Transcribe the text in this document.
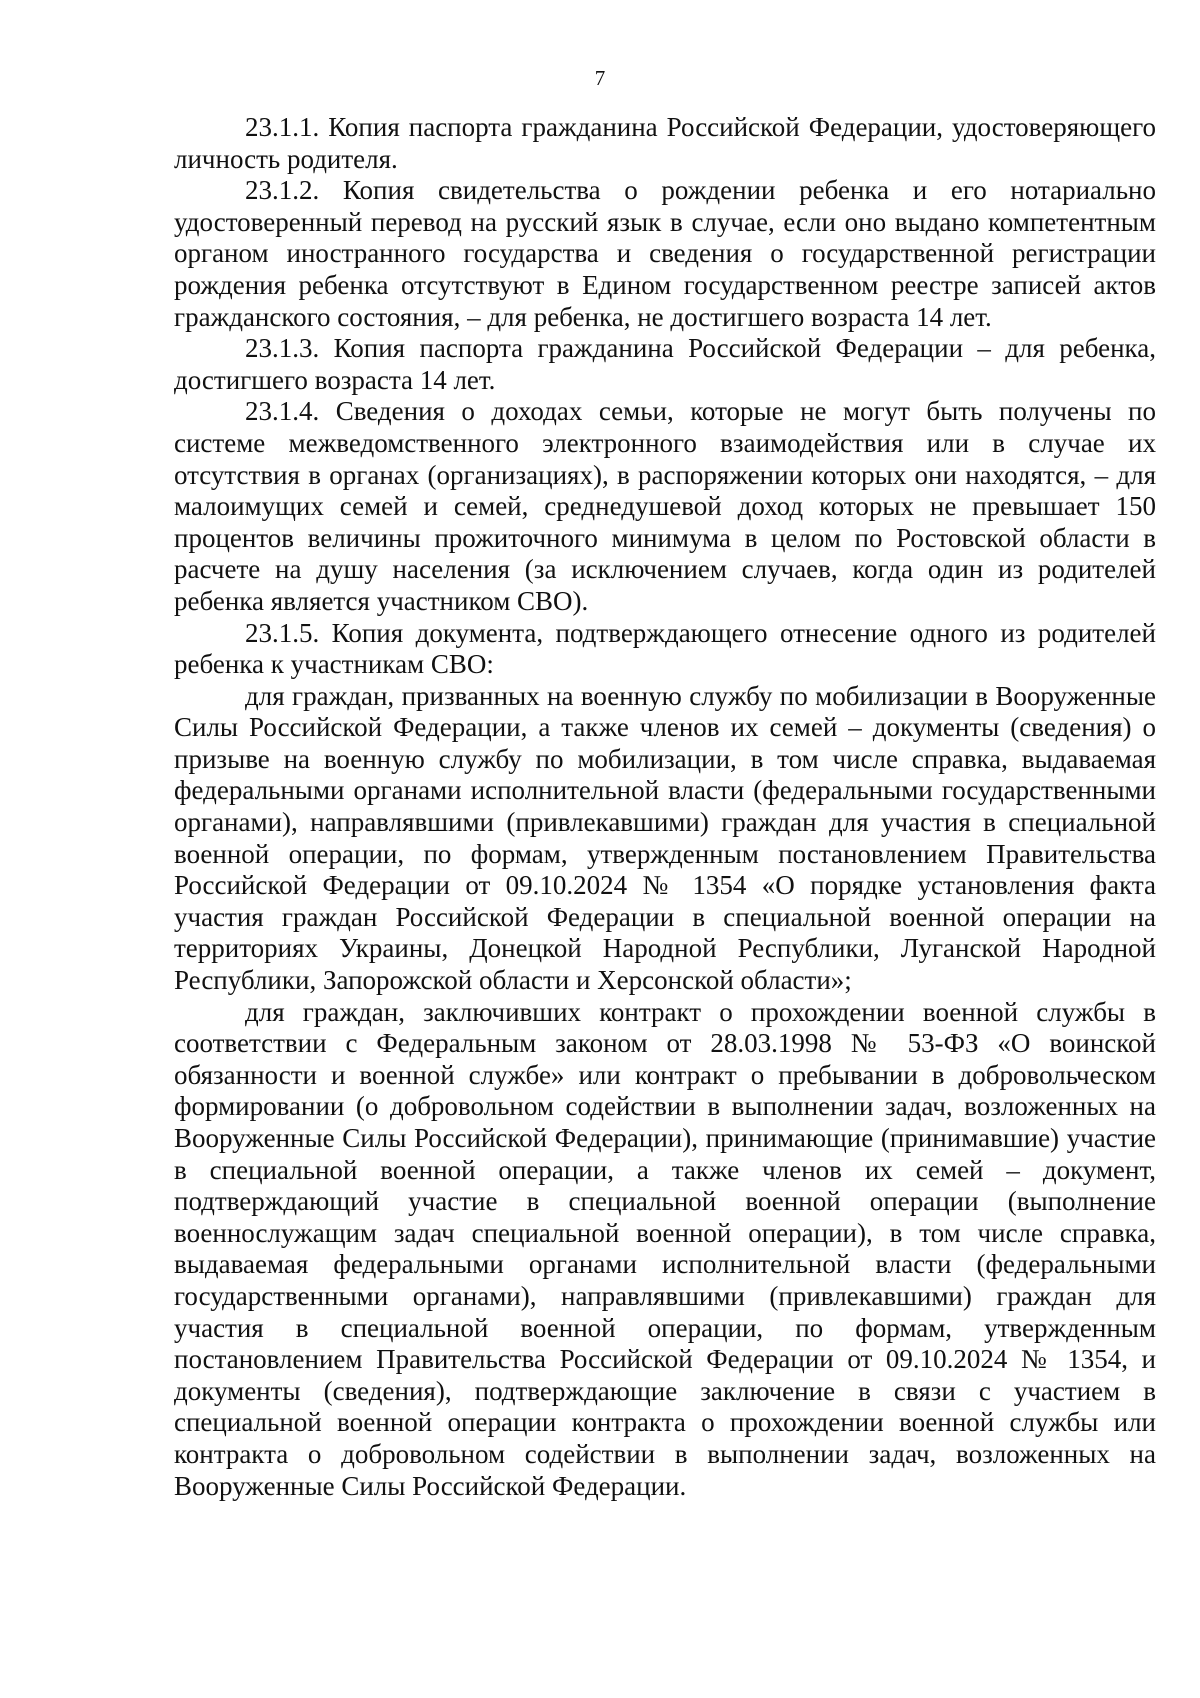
7

23.1.1. Копия паспорта гражданина Российской Федерации, удостоверяющего личность родителя.

23.1.2. Копия свидетельства о рождении ребенка и его нотариально удостоверенный перевод на русский язык в случае, если оно выдано компетентным органом иностранного государства и сведения о государственной регистрации рождения ребенка отсутствуют в Едином государственном реестре записей актов гражданского состояния, – для ребенка, не достигшего возраста 14 лет.

23.1.3. Копия паспорта гражданина Российской Федерации – для ребенка, достигшего возраста 14 лет.

23.1.4. Сведения о доходах семьи, которые не могут быть получены по системе межведомственного электронного взаимодействия или в случае их отсутствия в органах (организациях), в распоряжении которых они находятся, – для малоимущих семей и семей, среднедушевой доход которых не превышает 150 процентов величины прожиточного минимума в целом по Ростовской области в расчете на душу населения (за исключением случаев, когда один из родителей ребенка является участником СВО).

23.1.5. Копия документа, подтверждающего отнесение одного из родителей ребенка к участникам СВО:

для граждан, призванных на военную службу по мобилизации в Вооруженные Силы Российской Федерации, а также членов их семей – документы (сведения) о призыве на военную службу по мобилизации, в том числе справка, выдаваемая федеральными органами исполнительной власти (федеральными государственными органами), направлявшими (привлекавшими) граждан для участия в специальной военной операции, по формам, утвержденным постановлением Правительства Российской Федерации от 09.10.2024 № 1354 «О порядке установления факта участия граждан Российской Федерации в специальной военной операции на территориях Украины, Донецкой Народной Республики, Луганской Народной Республики, Запорожской области и Херсонской области»;

для граждан, заключивших контракт о прохождении военной службы в соответствии с Федеральным законом от 28.03.1998 № 53-ФЗ «О воинской обязанности и военной службе» или контракт о пребывании в добровольческом формировании (о добровольном содействии в выполнении задач, возложенных на Вооруженные Силы Российской Федерации), принимающие (принимавшие) участие в специальной военной операции, а также членов их семей – документ, подтверждающий участие в специальной военной операции (выполнение военнослужащим задач специальной военной операции), в том числе справка, выдаваемая федеральными органами исполнительной власти (федеральными государственными органами), направлявшими (привлекавшими) граждан для участия в специальной военной операции, по формам, утвержденным постановлением Правительства Российской Федерации от 09.10.2024 № 1354, и документы (сведения), подтверждающие заключение в связи с участием в специальной военной операции контракта о прохождении военной службы или контракта о добровольном содействии в выполнении задач, возложенных на Вооруженные Силы Российской Федерации.
